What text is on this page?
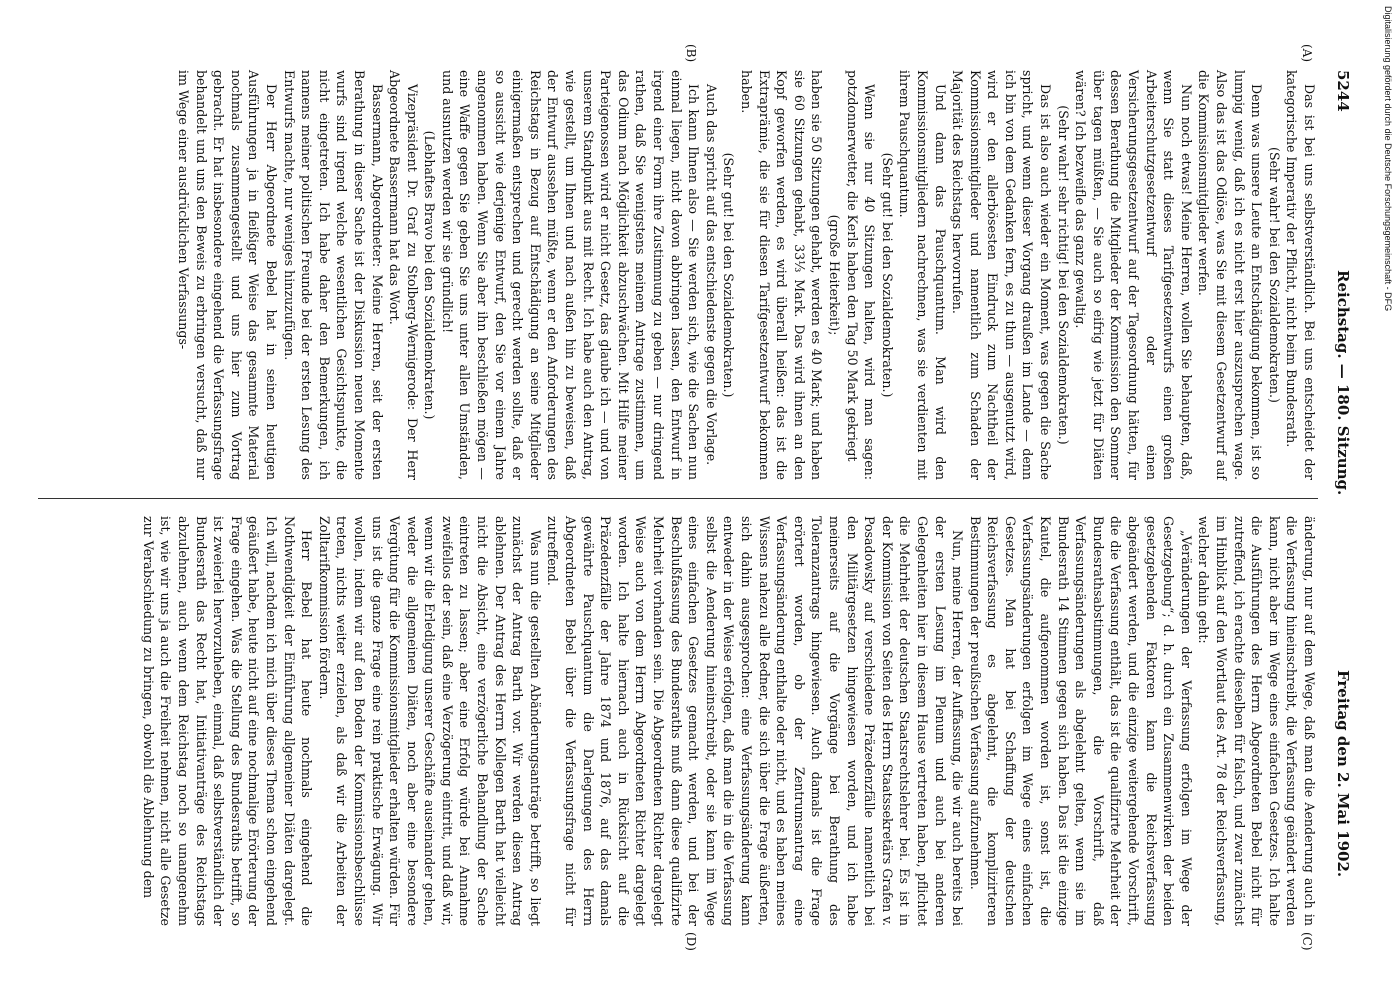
5244
Reichstag. — 180. Sitzung.
Freitag den 2. Mai 1902.
(A)
(B)
(C)
(D)

Das ist bei uns selbstverständlich. Bei uns entscheidet der kategorische Imperativ der Pflicht, nicht beim Bundesrath.

(Sehr wahr! bei den Sozialdemokraten.)

Denn was unsere Leute an Entschädigung bekommen, ist so lumpig wenig, daß ich es nicht erst hier auszusprechen wage. Also das ist das Odiöse, was Sie mit diesem Gesetzentwurf auf die Kommissionsmitglieder werfen.

Nun noch etwas! Meine Herren, wollen Sie behaupten, daß, wenn Sie statt dieses Tarifgesetzentwurfs einen großen Arbeiterschutzgesetzentwurf oder einen Versicherungsgesetzentwurf auf der Tagesordnung hätten, für dessen Berathung die Mitglieder der Kommission den Sommer über tagen müßten, — Sie auch so eifrig wie jetzt für Diäten wären? Ich bezweifle das ganz gewaltig.

(Sehr wahr! sehr richtig! bei den Sozialdemokraten.)

Das ist also auch wieder ein Moment, was gegen die Sache spricht, und wenn dieser Vorgang draußen im Lande — denn ich bin von dem Gedanken fern, es zu thun — ausgenutzt wird, wird er den allerbösesten Eindruck zum Nachtheil der Kommissionsmitglieder und namentlich zum Schaden der Majorität des Reichstags hervorrufen.

Und dann das Pauschquantum. Man wird den Kommissionsmitgliedern nachrechnen, was sie verdienten mit ihrem Pauschquantum.

(Sehr gut! bei den Sozialdemokraten.)

Wenn sie nur 40 Sitzungen halten, wird man sagen: potzdonnerwetter, die Kerls haben den Tag 50 Mark gekriegt

(große Heiterkeit);

haben sie 50 Sitzungen gehabt, werden es 40 Mark; und haben sie 60 Sitzungen gehabt, 33⅓ Mark. Das wird ihnen an den Kopf geworfen werden, es wird überall heißen: das ist die Extraprämie, die sie für diesen Tarifgesetzentwurf bekommen haben.

(Sehr gut! bei den Sozialdemokraten.)

Auch das spricht auf das entschiedenste gegen die Vorlage.

Ich kann Ihnen also — Sie werden sich, wie die Sachen nun einmal liegen, nicht davon abbringen lassen, den Entwurf in irgend einer Form ihre Zustimmung zu geben — nur dringend rathen, daß Sie wenigstens meinem Antrage zustimmen, um das Odium nach Möglichkeit abzuschwächen. Mit Hilfe meiner Parteigenossen wird er nicht Gesetz, das glaube ich — und von unserem Standpunkt aus mit Recht. Ich habe auch den Antrag, wie gestellt, um Ihnen und nach außen hin zu beweisen, daß der Entwurf aussehen müßte, wenn er den Anforderungen des Reichstags in Bezug auf Entschädigung an seine Mitglieder einigermaßen entsprechen und gerecht werden sollte, daß er so aussicht wie derjenige Entwurf, den Sie vor einem Jahre angenommen haben. Wenn Sie aber ihn beschließen mögen — eine Waffe gegen Sie geben Sie uns unter allen Umständen, und ausnutzen werden wir sie gründlich!

(Lebhaftes Bravo bei den Sozialdemokraten.)

Vizepräsident Dr. Graf zu Stolberg-Wernigerode: Der Herr Abgeordnete Bassermann hat das Wort.

Bassermann, Abgeordneter: Meine Herren, seit der ersten Berathung in dieser Sache ist der Diskussion neuen Momente wurfs sind irgend welche wesentlichen Gesichtspunkte, die nicht eingetreten. Ich habe daher den Bemerkungen, ich namens meiner politischen Freunde bei der ersten Lesung des Entwurfs machte, nur weniges hinzuzufügen.

Der Herr Abgeordnete Bebel hat in seinen heutigen Ausführungen ja in fleißiger Weise das gesammte Material nochmals zusammengestellt und uns hier zum Vortrag gebracht. Er hat insbesondere eingehend die Verfassungsfrage behandelt und uns den Beweis zu erbringen versucht, daß nur im Wege einer ausdrücklichen Verfassungs-

änderung, nur auf dem Wege, daß man die Aenderung auch in die Verfassung hineinschreibt, die Verfassung geändert werden kann, nicht aber im Wege eines einfachen Gesetzes. Ich halte die Ausführungen des Herrn Abgeordneten Bebel nicht für zutreffend, ich erachte dieselben für falsch, und zwar zunächst im Hinblick auf den Wortlaut des Art. 78 der Reichsverfassung, welcher dahin geht:

„Veränderungen der Verfassung erfolgen im Wege der Gesetzgebung“; d. h. durch ein Zusammenwirken der beiden gesetzgebenden Faktoren kann die Reichsverfassung abgeändert werden, und die einzige weitergehende Vorschrift, die die Verfassung enthält, das ist die qualifizirte Mehrheit der Bundesrathsabstimmungen, die Vorschrift, daß Verfassungsänderungen als abgelehnt gelten, wenn sie im Bundesrath 14 Stimmen gegen sich haben. Das ist die einzige Kautel, die aufgenommen worden ist, sonst ist, die Verfassungsänderungen erfolgen im Wege eines einfachen Gesetzes. Man hat bei Schaffung der deutschen Reichsverfassung es abgelehnt, die komplizirteren Bestimmungen der preußischen Verfassung aufzunehmen.

Nun, meine Herren, der Auffassung, die wir auch bereits bei der ersten Lesung im Plenum und auch bei anderen Gelegenheiten hier in diesem Hause vertreten haben, pflichtet die Mehrheit der deutschen Staatsrechtslehrer bei. Es ist in der Kommission von Seiten des Herrn Staatssekretärs Grafen v. Posadowsky auf verschiedene Präzedenzfälle namentlich bei den Militärgesetzen hingewiesen worden, und ich habe meinerseits auf die Vorgänge bei Berathung des Toleranzantrags hingewiesen. Auch damals ist die Frage erörtert worden, ob der Zentrumsantrag eine Verfassungsänderung enthalte oder nicht, und es haben meines Wissens nahezu alle Redner, die sich über die Frage äußerten, sich dahin ausgesprochen: eine Verfassungsänderung kann entweder in der Weise erfolgen, daß man die in die Verfassung selbst die Aenderung hineinschreibt, oder sie kann im Wege eines einfachen Gesetzes gemacht werden, und bei der Beschlußfassung des Bundesraths muß dann diese qualifizirte Mehrheit vorhanden sein. Die Abgeordneten Richter dargelegt Weise auch von dem Herrn Abgeordneten Richter dargelegt worden. Ich halte hiernach auch in Rücksicht auf die Präzedenzfälle der Jahre 1874 und 1876, auf das damals gewährte Pauschquantum die Darlegungen des Herrn Abgeordneten Bebel über die Verfassungsfrage nicht für zutreffend.

Was nun die gestellten Abänderungsanträge betrifft, so liegt zunächst der Antrag Barth vor. Wir werden diesen Antrag ablehnen. Der Antrag des Herrn Kollegen Barth hat vielleicht nicht die Absicht, eine verzögerliche Behandlung der Sache eintreten zu lassen; aber eine Erfolg würde bei Annahme zweifellos der sein, daß eine Verzögerung eintritt, und daß wir, wenn wir die Erledigung unserer Geschäfte auseinander gehen, weder die allgemeinen Diäten, noch aber eine besondere Vergütung für die Kommissionsmitglieder erhalten würden. Für uns ist die ganze Frage eine rein praktische Erwägung. Wir wollen, indem wir auf den Boden der Kommissionsbeschlüsse treten, nichts weiter erzielen, als daß wir die Arbeiten der Zolltarifkommission fördern.

Herr Bebel hat heute nochmals eingehend die Nothwendigkeit der Einführung allgemeiner Diäten dargelegt. Ich will, nachdem ich mich über dieses Thema schon eingehend geäußert habe, heute nicht auf eine nochmalige Erörterung der Frage eingehen. Was die Stellung des Bundesraths betrifft, so ist zweierlei hervorzuheben, einmal, daß selbstverständlich der Bundesrath das Recht hat, Initiativanträge des Reichstags abzulehnen, auch wenn dem Reichstag noch so unangenehm ist, wie wir uns ja auch die Freiheit nehmen, nicht alle Gesetze zur Verabschiedung zu bringen, obwohl die Ablehnung dem

Digitalisierung gefördert durch die Deutsche Forschungsgemeinschaft - DFG
